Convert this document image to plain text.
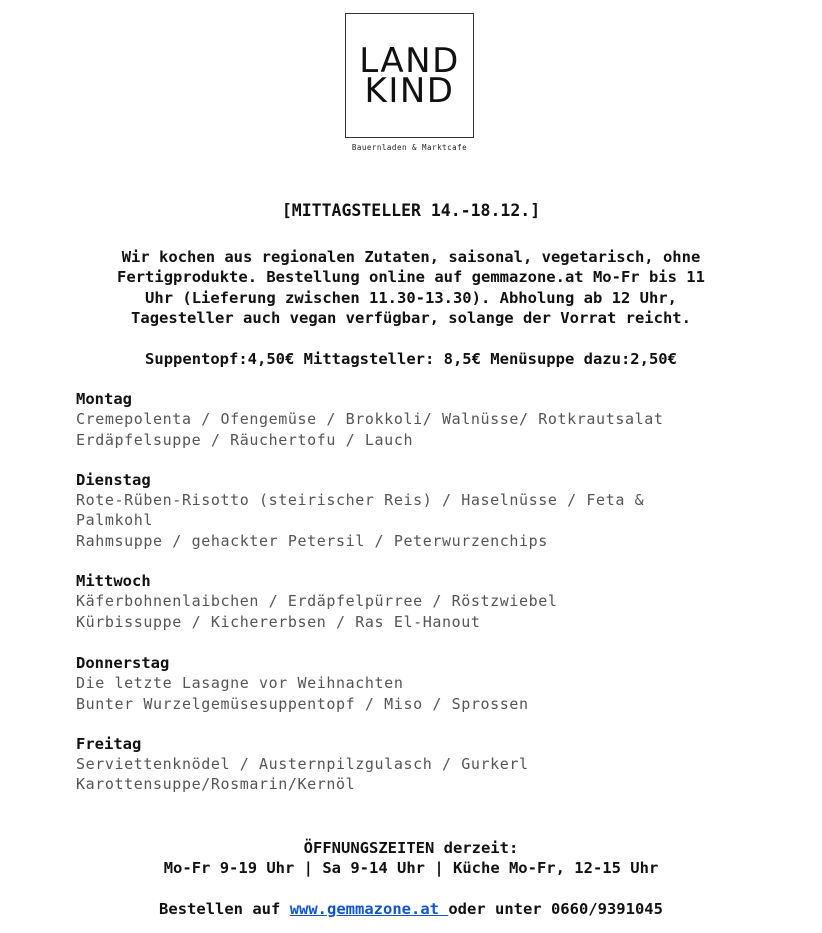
LAND
KIND
Bauernladen & Marktcafe
[MITTAGSTELLER 14.-18.12.]
Wir kochen aus regionalen Zutaten, saisonal, vegetarisch, ohne
Fertigprodukte. Bestellung online auf gemmazone.at Mo-Fr bis 11
Uhr (Lieferung zwischen 11.30-13.30). Abholung ab 12 Uhr,
Tagesteller auch vegan verfügbar, solange der Vorrat reicht.
Suppentopf:4,50€ Mittagsteller: 8,5€ Menüsuppe dazu:2,50€
Montag
Cremepolenta / Ofengemüse / Brokkoli/ Walnüsse/ Rotkrautsalat
Erdäpfelsuppe / Räuchertofu / Lauch
Dienstag
Rote-Rüben-Risotto (steirischer Reis) / Haselnüsse / Feta &
Palmkohl
Rahmsuppe / gehackter Petersil / Peterwurzenchips
Mittwoch
Käferbohnenlaibchen / Erdäpfelpürree / Röstzwiebel
Kürbissuppe / Kichererbsen / Ras El-Hanout
Donnerstag
Die letzte Lasagne vor Weihnachten
Bunter Wurzelgemüsesuppentopf / Miso / Sprossen
Freitag
Serviettenknödel / Austernpilzgulasch / Gurkerl
Karottensuppe/Rosmarin/Kernöl
ÖFFNUNGSZEITEN derzeit:
Mo-Fr 9-19 Uhr | Sa 9-14 Uhr | Küche Mo-Fr, 12-15 Uhr
Bestellen auf www.gemmazone.at oder unter 0660/9391045
